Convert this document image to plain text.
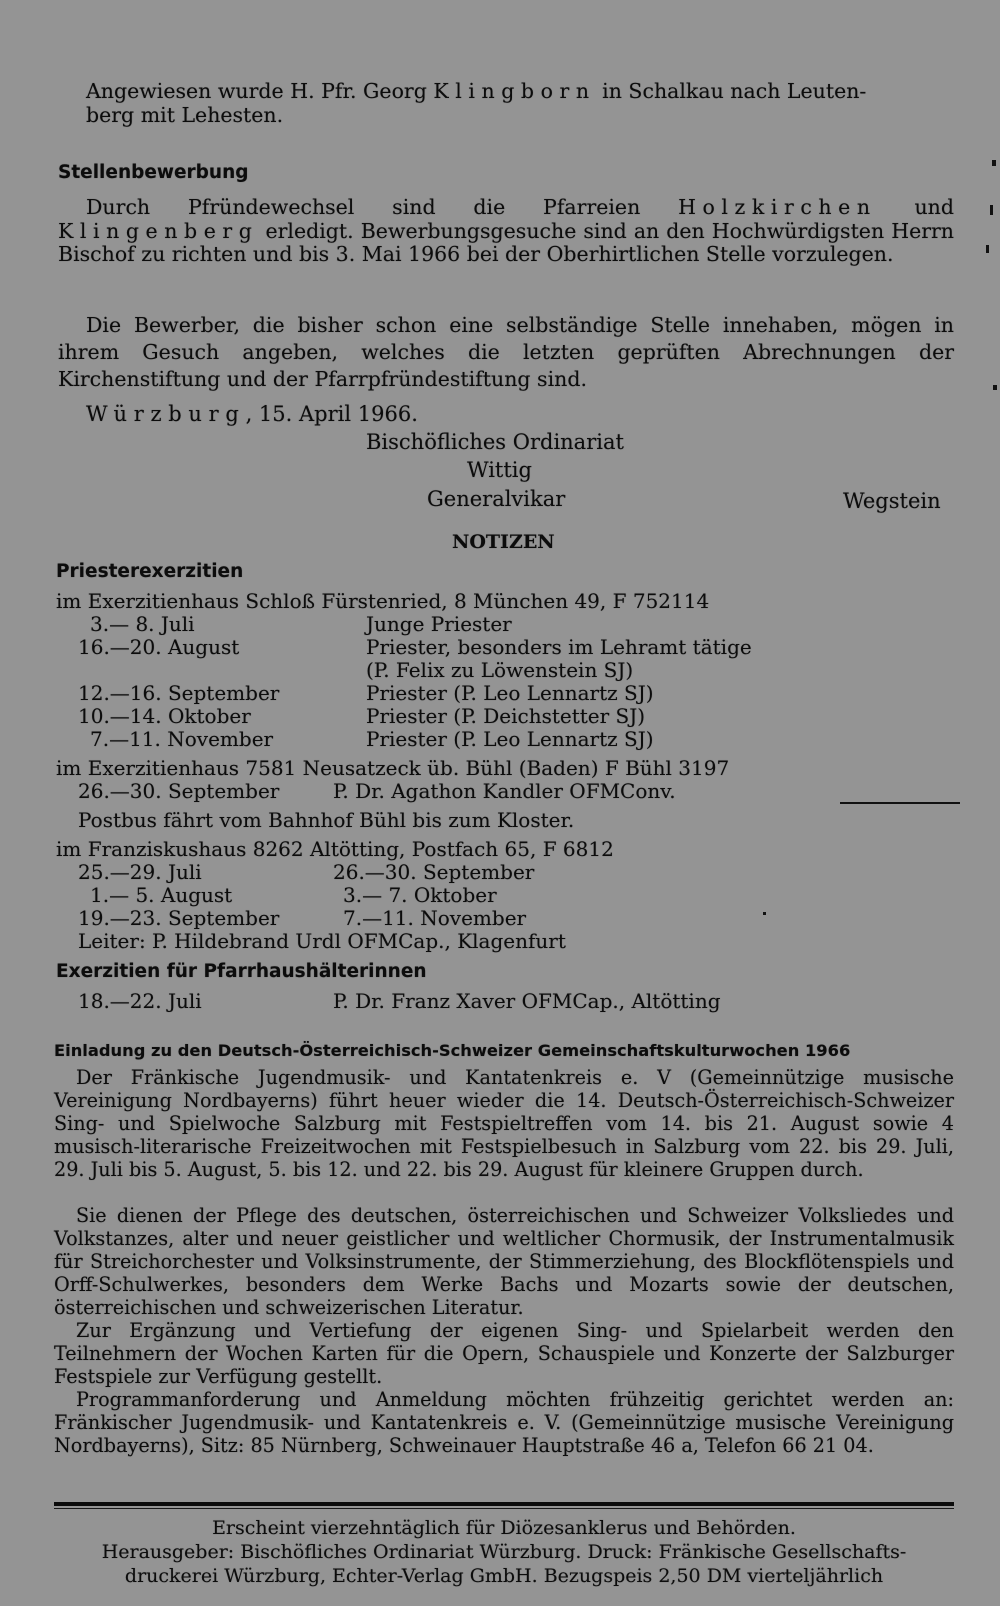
Angewiesen wurde H. Pfr. Georg Klingborn in Schalkau nach Leuten-
berg mit Lehesten.

Stellenbewerbung

Durch Pfründewechsel sind die Pfarreien Holzkirchen und Klingenberg erledigt. Bewerbungsgesuche sind an den Hochwürdigsten Herrn Bischof zu richten und bis 3. Mai 1966 bei der Oberhirtlichen Stelle vorzulegen.

Die Bewerber, die bisher schon eine selbständige Stelle innehaben, mögen in ihrem Gesuch angeben, welches die letzten geprüften Abrechnungen der Kirchenstiftung und der Pfarrpfründestiftung sind.

Würzburg, 15. April 1966.
Bischöfliches Ordinariat
Wittig
Generalvikar	Wegstein
NOTIZEN
Priesterexerzitien
im Exerzitienhaus Schloß Fürstenried, 8 München 49, F 752114
3.— 8. Juli	Junge Priester
16.—20. August	Priester, besonders im Lehramt tätige
(P. Felix zu Löwenstein SJ)
12.—16. September	Priester (P. Leo Lennartz SJ)
10.—14. Oktober	Priester (P. Deichstetter SJ)
7.—11. November	Priester (P. Leo Lennartz SJ)
im Exerzitienhaus 7581 Neusatzeck üb. Bühl (Baden) F Bühl 3197
26.—30. September	P. Dr. Agathon Kandler OFMConv.
Postbus fährt vom Bahnhof Bühl bis zum Kloster.
im Franziskushaus 8262 Altötting, Postfach 65, F 6812
25.—29. Juli	26.—30. September
1.— 5. August	3.— 7. Oktober
19.—23. September	7.—11. November
Leiter: P. Hildebrand Urdl OFMCap., Klagenfurt
Exerzitien für Pfarrhaushälterinnen
18.—22. Juli	P. Dr. Franz Xaver OFMCap., Altötting
Einladung zu den Deutsch-Österreichisch-Schweizer Gemeinschaftskulturwochen 1966

Der Fränkische Jugendmusik- und Kantatenkreis e. V (Gemeinnützige musische Vereinigung Nordbayerns) führt heuer wieder die 14. Deutsch-Österreichisch-Schweizer Sing- und Spielwoche Salzburg mit Festspieltreffen vom 14. bis 21. August sowie 4 musisch-literarische Freizeitwochen mit Festspielbesuch in Salzburg vom 22. bis 29. Juli, 29. Juli bis 5. August, 5. bis 12. und 22. bis 29. August für kleinere Gruppen durch.

Sie dienen der Pflege des deutschen, österreichischen und Schweizer Volksliedes und Volkstanzes, alter und neuer geistlicher und weltlicher Chormusik, der Instrumentalmusik für Streichorchester und Volksinstrumente, der Stimmerziehung, des Blockflötenspiels und Orff-Schulwerkes, besonders dem Werke Bachs und Mozarts sowie der deutschen, österreichischen und schweizerischen Literatur.

Zur Ergänzung und Vertiefung der eigenen Sing- und Spielarbeit werden den Teilnehmern der Wochen Karten für die Opern, Schauspiele und Konzerte der Salzburger Festspiele zur Verfügung gestellt.

Programmanforderung und Anmeldung möchten frühzeitig gerichtet werden an: Fränkischer Jugendmusik- und Kantatenkreis e. V. (Gemeinnützige musische Vereinigung Nordbayerns), Sitz: 85 Nürnberg, Schweinauer Hauptstraße 46 a, Telefon 66 21 04.

Erscheint vierzehntäglich für Diözesanklerus und Behörden.
Herausgeber: Bischöfliches Ordinariat Würzburg. Druck: Fränkische Gesellschafts-
druckerei Würzburg, Echter-Verlag GmbH. Bezugspeis 2,50 DM vierteljährlich
